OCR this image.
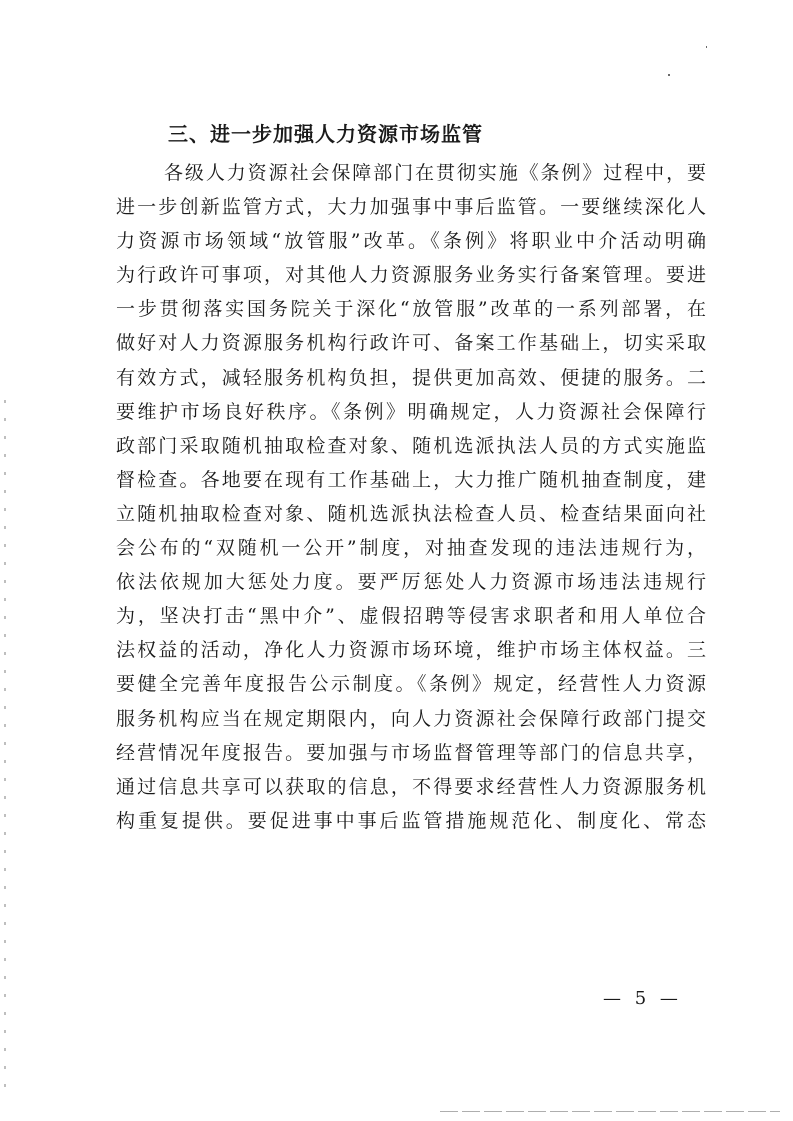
三、进一步加强人力资源市场监管
各级人力资源社会保障部门在贯彻实施《条例》过程中，要
进一步创新监管方式，大力加强事中事后监管。一要继续深化人
力资源市场领域“放管服”改革。《条例》将职业中介活动明确
为行政许可事项，对其他人力资源服务业务实行备案管理。要进
一步贯彻落实国务院关于深化“放管服”改革的一系列部署，在
做好对人力资源服务机构行政许可、备案工作基础上，切实采取
有效方式，减轻服务机构负担，提供更加高效、便捷的服务。二
要维护市场良好秩序。《条例》明确规定，人力资源社会保障行
政部门采取随机抽取检查对象、随机选派执法人员的方式实施监
督检查。各地要在现有工作基础上，大力推广随机抽查制度，建
立随机抽取检查对象、随机选派执法检查人员、检查结果面向社
会公布的“双随机一公开”制度，对抽查发现的违法违规行为，
依法依规加大惩处力度。要严厉惩处人力资源市场违法违规行
为，坚决打击“黑中介”、虚假招聘等侵害求职者和用人单位合
法权益的活动，净化人力资源市场环境，维护市场主体权益。三
要健全完善年度报告公示制度。《条例》规定，经营性人力资源
服务机构应当在规定期限内，向人力资源社会保障行政部门提交
经营情况年度报告。要加强与市场监督管理等部门的信息共享，
通过信息共享可以获取的信息，不得要求经营性人力资源服务机
构重复提供。要促进事中事后监管措施规范化、制度化、常态
— 5 —
